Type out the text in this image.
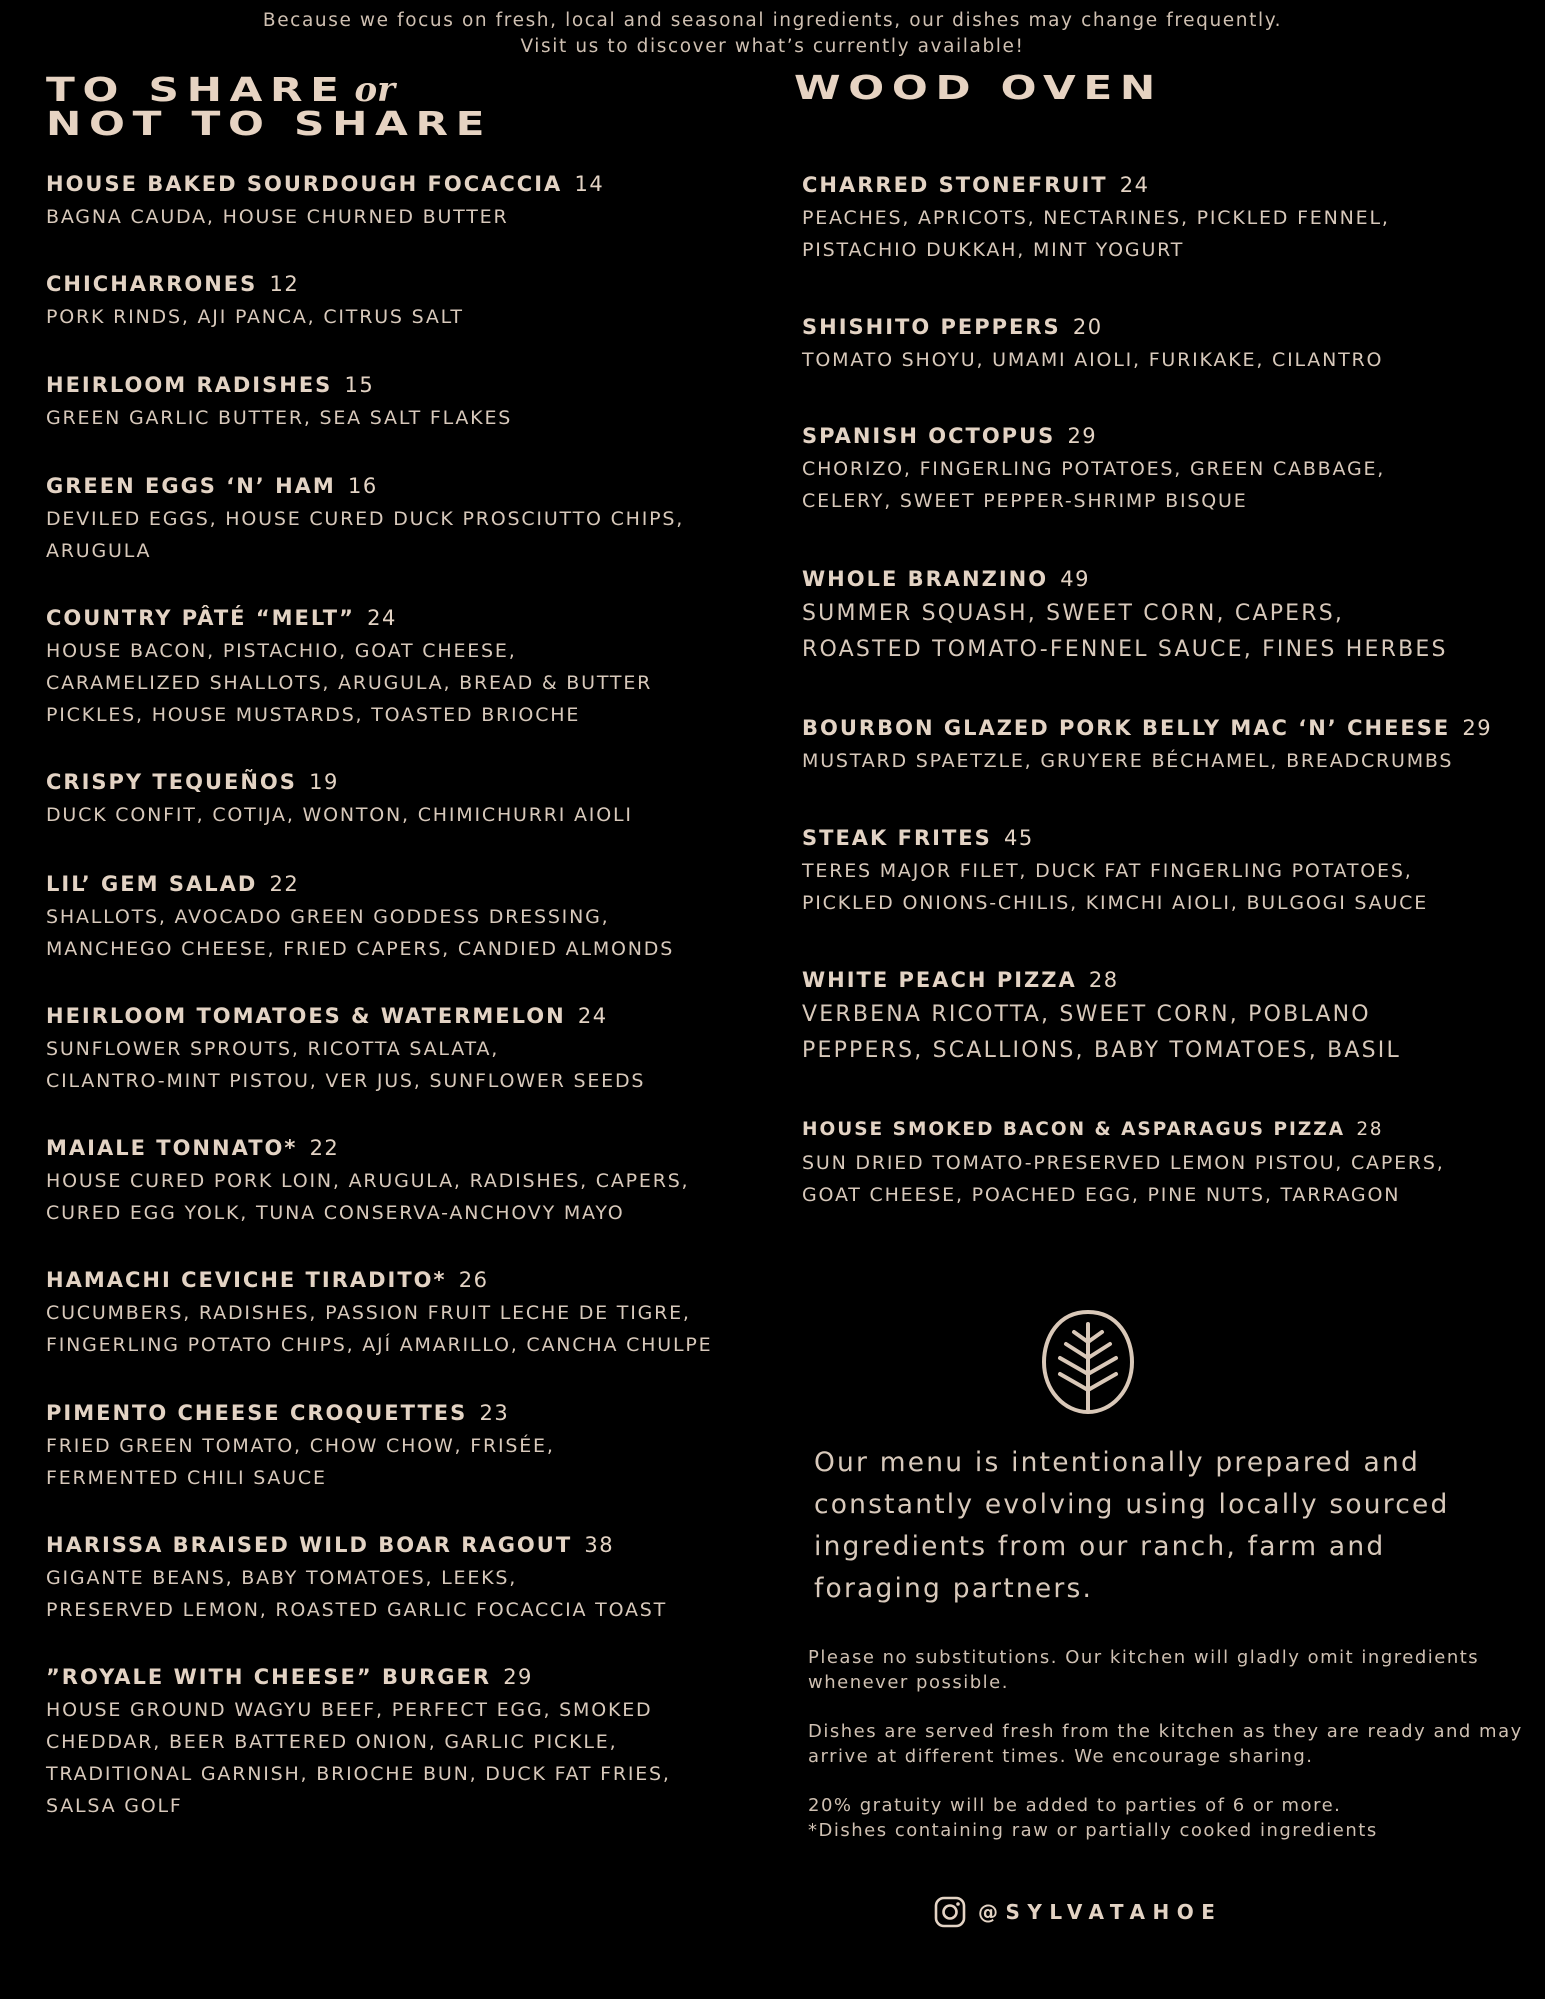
Because we focus on fresh, local and seasonal ingredients, our dishes may change frequently.
Visit us to discover what’s currently available!
TO SHARE or
NOT TO SHARE
WOOD OVEN
HOUSE BAKED SOURDOUGH FOCACCIA 14
BAGNA CAUDA, HOUSE CHURNED BUTTER
CHICHARRONES 12
PORK RINDS, AJI PANCA, CITRUS SALT
HEIRLOOM RADISHES 15
GREEN GARLIC BUTTER, SEA SALT FLAKES
GREEN EGGS ‘N’ HAM 16
DEVILED EGGS, HOUSE CURED DUCK PROSCIUTTO CHIPS,
ARUGULA
COUNTRY PÂTÉ “MELT” 24
HOUSE BACON, PISTACHIO, GOAT CHEESE,
CARAMELIZED SHALLOTS, ARUGULA, BREAD & BUTTER
PICKLES, HOUSE MUSTARDS, TOASTED BRIOCHE
CRISPY TEQUEÑOS 19
DUCK CONFIT, COTIJA, WONTON, CHIMICHURRI AIOLI
LIL’ GEM SALAD 22
SHALLOTS, AVOCADO GREEN GODDESS DRESSING,
MANCHEGO CHEESE, FRIED CAPERS, CANDIED ALMONDS
HEIRLOOM TOMATOES & WATERMELON 24
SUNFLOWER SPROUTS, RICOTTA SALATA,
CILANTRO-MINT PISTOU, VER JUS, SUNFLOWER SEEDS
MAIALE TONNATO* 22
HOUSE CURED PORK LOIN, ARUGULA, RADISHES, CAPERS,
CURED EGG YOLK, TUNA CONSERVA-ANCHOVY MAYO
HAMACHI CEVICHE TIRADITO* 26
CUCUMBERS, RADISHES, PASSION FRUIT LECHE DE TIGRE,
FINGERLING POTATO CHIPS, AJÍ AMARILLO, CANCHA CHULPE
PIMENTO CHEESE CROQUETTES 23
FRIED GREEN TOMATO, CHOW CHOW, FRISÉE,
FERMENTED CHILI SAUCE
HARISSA BRAISED WILD BOAR RAGOUT 38
GIGANTE BEANS, BABY TOMATOES, LEEKS,
PRESERVED LEMON, ROASTED GARLIC FOCACCIA TOAST
”ROYALE WITH CHEESE” BURGER 29
HOUSE GROUND WAGYU BEEF, PERFECT EGG, SMOKED
CHEDDAR, BEER BATTERED ONION, GARLIC PICKLE,
TRADITIONAL GARNISH, BRIOCHE BUN, DUCK FAT FRIES,
SALSA GOLF
CHARRED STONEFRUIT 24
PEACHES, APRICOTS, NECTARINES, PICKLED FENNEL,
PISTACHIO DUKKAH, MINT YOGURT
SHISHITO PEPPERS 20
TOMATO SHOYU, UMAMI AIOLI, FURIKAKE, CILANTRO
SPANISH OCTOPUS 29
CHORIZO, FINGERLING POTATOES, GREEN CABBAGE,
CELERY, SWEET PEPPER-SHRIMP BISQUE
WHOLE BRANZINO 49
SUMMER SQUASH, SWEET CORN, CAPERS,
ROASTED TOMATO-FENNEL SAUCE, FINES HERBES
BOURBON GLAZED PORK BELLY MAC ‘N’ CHEESE 29
MUSTARD SPAETZLE, GRUYERE BÉCHAMEL, BREADCRUMBS
STEAK FRITES 45
TERES MAJOR FILET, DUCK FAT FINGERLING POTATOES,
PICKLED ONIONS-CHILIS, KIMCHI AIOLI, BULGOGI SAUCE
WHITE PEACH PIZZA 28
VERBENA RICOTTA, SWEET CORN, POBLANO
PEPPERS, SCALLIONS, BABY TOMATOES, BASIL
HOUSE SMOKED BACON & ASPARAGUS PIZZA 28
SUN DRIED TOMATO-PRESERVED LEMON PISTOU, CAPERS,
GOAT CHEESE, POACHED EGG, PINE NUTS, TARRAGON
Our menu is intentionally prepared and constantly evolving using locally sourced ingredients from our ranch, farm and foraging partners.

Please no substitutions. Our kitchen will gladly omit ingredients whenever possible.

Dishes are served fresh from the kitchen as they are ready and may arrive at different times. We encourage sharing.

20% gratuity will be added to parties of 6 or more.

*Dishes containing raw or partially cooked ingredients

@SYLVATAHOE
